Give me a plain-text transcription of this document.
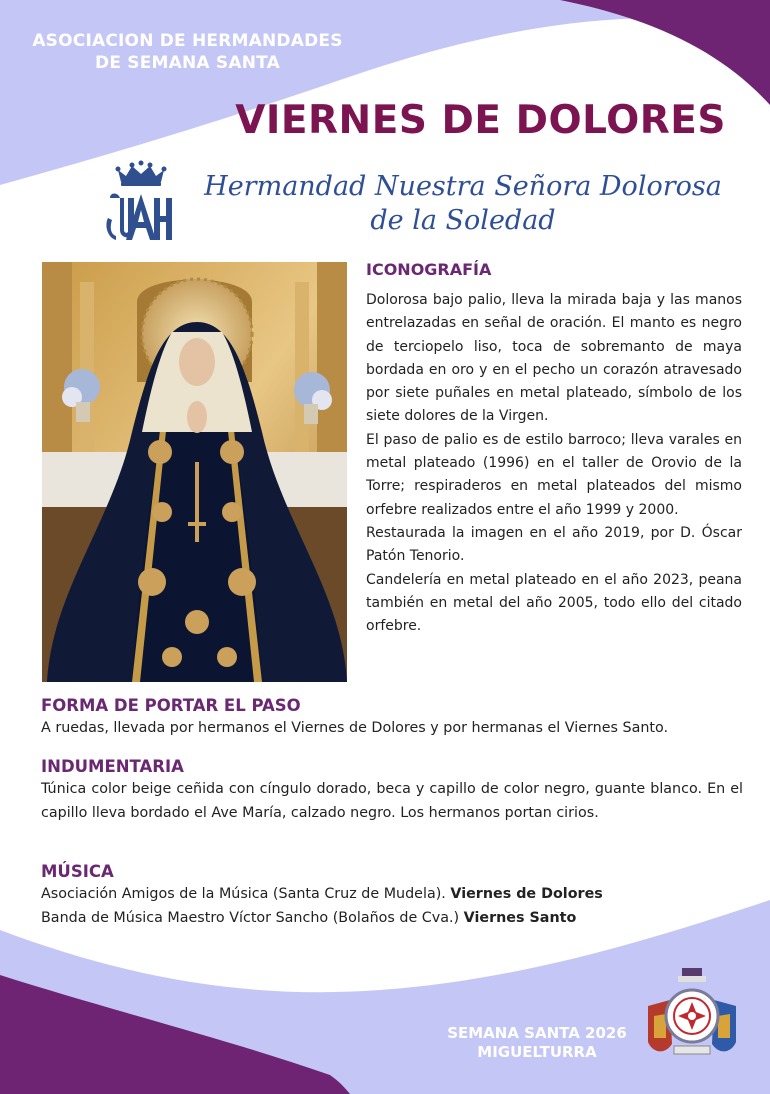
ASOCIACION DE HERMANDADES
DE SEMANA SANTA
VIERNES DE DOLORES
Hermandad Nuestra Señora Dolorosa
de la Soledad

ICONOGRAFÍA

Dolorosa bajo palio, lleva la mirada baja y las manos entrelazadas en señal de oración. El manto es negro de terciopelo liso, toca de sobremanto de maya bordada en oro y en el pecho un corazón atravesado por siete puñales en metal plateado, símbolo de los siete dolores de la Virgen.

El paso de palio es de estilo barroco; lleva varales en metal plateado (1996) en el taller de Orovio de la Torre; respiraderos en metal plateados del mismo orfebre realizados entre el año 1999 y 2000.

Restaurada la imagen en el año 2019, por D. Óscar Patón Tenorio.

Candelería en metal plateado en el año 2023, peana también en metal del año 2005, todo ello del citado orfebre.

FORMA DE PORTAR EL PASO

A ruedas, llevada por hermanos el Viernes de Dolores y por hermanas el Viernes Santo.

INDUMENTARIA

Túnica color beige ceñida con cíngulo dorado, beca y capillo de color negro, guante blanco. En el capillo lleva bordado el Ave María, calzado negro. Los hermanos portan cirios.

MÚSICA

Asociación Amigos de la Música (Santa Cruz de Mudela). Viernes de Dolores

Banda de Música Maestro Víctor Sancho (Bolaños de Cva.) Viernes Santo

SEMANA SANTA 2026
MIGUELTURRA
